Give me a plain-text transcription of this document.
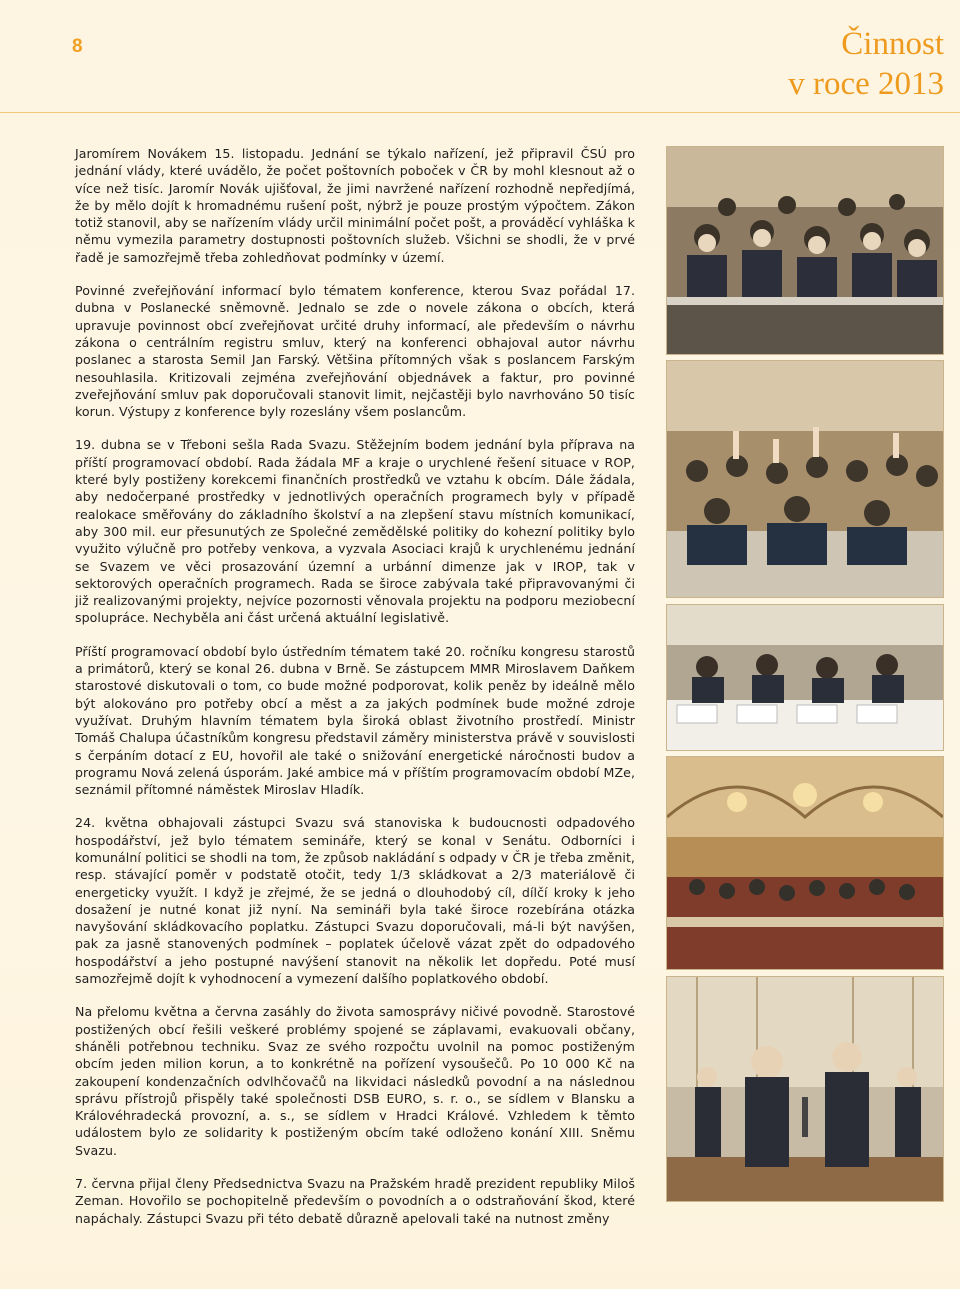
8	Činnost
v roce 2013

Jaromírem Novákem 15. listopadu. Jednání se týkalo nařízení, jež připravil ČSÚ pro jednání vlády, které uvádělo, že počet poštovních poboček v ČR by mohl klesnout až o více než tisíc. Jaromír Novák ujišťoval, že jimi navržené nařízení rozhodně nepředjímá, že by mělo dojít k hromadnému rušení pošt, nýbrž je pouze prostým výpočtem. Zákon totiž stanovil, aby se nařízením vlády určil minimální počet pošt, a prováděcí vyhláška k němu vymezila parametry dostupnosti poštovních služeb. Všichni se shodli, že v prvé řadě je samozřejmě třeba zohledňovat podmínky v území.

Povinné zveřejňování informací bylo tématem konference, kterou Svaz pořádal 17. dubna v Poslanecké sněmovně. Jednalo se zde o novele zákona o obcích, která upravuje povinnost obcí zveřejňovat určité druhy informací, ale především o návrhu zákona o centrálním registru smluv, který na konferenci obhajoval autor návrhu poslanec a starosta Semil Jan Farský. Většina přítomných však s poslancem Farským nesouhlasila. Kritizovali zejména zveřejňování objednávek a faktur, pro povinné zveřejňování smluv pak doporučovali stanovit limit, nejčastěji bylo navrhováno 50 tisíc korun. Výstupy z konference byly rozeslány všem poslancům.

19. dubna se v Třeboni sešla Rada Svazu. Stěžejním bodem jednání byla příprava na příští programovací období. Rada žádala MF a kraje o urychlené řešení situace v ROP, které byly postiženy korekcemi finančních prostředků ve vztahu k obcím. Dále žádala, aby nedočerpané prostředky v jednotlivých operačních programech byly v případě realokace směřovány do základního školství a na zlepšení stavu místních komunikací, aby 300 mil. eur přesunutých ze Společné zemědělské politiky do kohezní politiky bylo využito výlučně pro potřeby venkova, a vyzvala Asociaci krajů k urychlenému jednání se Svazem ve věci prosazování územní a urbánní dimenze jak v IROP, tak v sektorových operačních programech. Rada se široce zabývala také připravovanými či již realizovanými projekty, nejvíce pozornosti věnovala projektu na podporu meziobecní spolupráce. Nechyběla ani část určená aktuální legislativě.

Příští programovací období bylo ústředním tématem také 20. ročníku kongresu starostů a primátorů, který se konal 26. dubna v Brně. Se zástupcem MMR Miroslavem Daňkem starostové diskutovali o tom, co bude možné podporovat, kolik peněz by ideálně mělo být alokováno pro potřeby obcí a měst a za jakých podmínek bude možné zdroje využívat. Druhým hlavním tématem byla široká oblast životního prostředí. Ministr Tomáš Chalupa účastníkům kongresu představil záměry ministerstva právě v souvislosti s čerpáním dotací z EU, hovořil ale také o snižování energetické náročnosti budov a programu Nová zelená úsporám. Jaké ambice má v příštím programovacím období MZe, seznámil přítomné náměstek Miroslav Hladík.

24. května obhajovali zástupci Svazu svá stanoviska k budoucnosti odpadového hospodářství, jež bylo tématem semináře, který se konal v Senátu. Odborníci i komunální politici se shodli na tom, že způsob nakládání s odpady v ČR je třeba změnit, resp. stávající poměr v podstatě otočit, tedy 1/3 skládkovat a 2/3 materiálově či energeticky využít. I když je zřejmé, že se jedná o dlouhodobý cíl, dílčí kroky k jeho dosažení je nutné konat již nyní. Na semináři byla také široce rozebírána otázka navyšování skládkovacího poplatku. Zástupci Svazu doporučovali, má-li být navýšen, pak za jasně stanovených podmínek – poplatek účelově vázat zpět do odpadového hospodářství a jeho postupné navýšení stanovit na několik let dopředu. Poté musí samozřejmě dojít k vyhodnocení a vymezení dalšího poplatkového období.

Na přelomu května a června zasáhly do života samosprávy ničivé povodně. Starostové postižených obcí řešili veškeré problémy spojené se záplavami, evakuovali občany, sháněli potřebnou techniku. Svaz ze svého rozpočtu uvolnil na pomoc postiženým obcím jeden milion korun, a to konkrétně na pořízení vysoušečů. Po 10 000 Kč na zakoupení kondenzačních odvlhčovačů na likvidaci následků povodní a na následnou správu přístrojů přispěly také společnosti DSB EURO, s. r. o., se sídlem v Blansku a Královéhradecká provozní, a. s., se sídlem v Hradci Králové. Vzhledem k těmto událostem bylo ze solidarity k postiženým obcím také odloženo konání XIII. Sněmu Svazu.

7. června přijal členy Předsednictva Svazu na Pražském hradě prezident republiky Miloš Zeman. Hovořilo se pochopitelně především o povodních a o odstraňování škod, které napáchaly. Zástupci Svazu při této debatě důrazně apelovali také na nutnost změny
